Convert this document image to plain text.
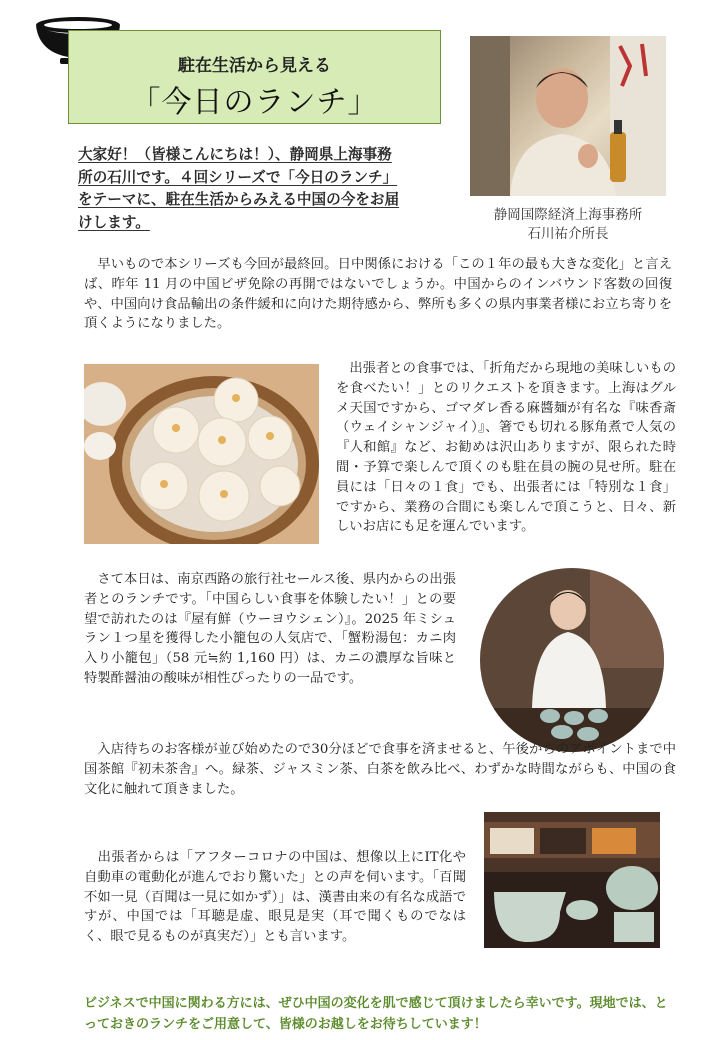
駐在生活から見える
「今日のランチ」
大家好！（皆様こんにちは！）、静岡県上海事務
所の石川です。４回シリーズで「今日のランチ」
をテーマに、駐在生活からみえる中国の今をお届
けします。	静岡国際経済上海事務所
石川祐介所長
　早いもので本シリーズも今回が最終回。日中関係における「この１年の最も大きな変化」と言えば、昨年 11 月の中国ビザ免除の再開ではないでしょうか。中国からのインバウンド客数の回復や、中国向け食品輸出の条件緩和に向けた期待感から、弊所も多くの県内事業者様にお立ち寄りを頂くようになりました。
　出張者との食事では、「折角だから現地の美味しいものを食べたい！」とのリクエストを頂きます。上海はグルメ天国ですから、ゴマダレ香る麻醬麺が有名な『味香斎（ウェイシャンジャイ）』、箸でも切れる豚角煮で人気の『人和館』など、お勧めは沢山ありますが、限られた時間・予算で楽しんで頂くのも駐在員の腕の見せ所。駐在員には「日々の１食」でも、出張者には「特別な１食」ですから、業務の合間にも楽しんで頂こうと、日々、新しいお店にも足を運んでいます。
　さて本日は、南京西路の旅行社セールス後、県内からの出張者とのランチです。「中国らしい食事を体験したい！」との要望で訪れたのは『屋有鮮（ウーヨウシェン）』。2025 年ミシュラン１つ星を獲得した小籠包の人気店で、「蟹粉湯包：カニ肉入り小籠包」（58 元≒約 1,160 円）は、カニの濃厚な旨味と特製酢醤油の酸味が相性ぴったりの一品です。
　入店待ちのお客様が並び始めたので30分ほどで食事を済ませると、午後からのアポイントまで中国茶館『初未茶舎』へ。緑茶、ジャスミン茶、白茶を飲み比べ、わずかな時間ながらも、中国の食文化に触れて頂きました。
　出張者からは「アフターコロナの中国は、想像以上にIT化や自動車の電動化が進んでおり驚いた」との声を伺います。「百聞不如一見（百聞は一見に如かず）」は、漢書由来の有名な成語ですが、中国では「耳聴是虚、眼見是実（耳で聞くものでなはく、眼で見るものが真実だ）」とも言います。
ビジネスで中国に関わる方には、ぜひ中国の変化を肌で感じて頂けましたら幸いです。現地では、とっておきのランチをご用意して、皆様のお越しをお待ちしています！
